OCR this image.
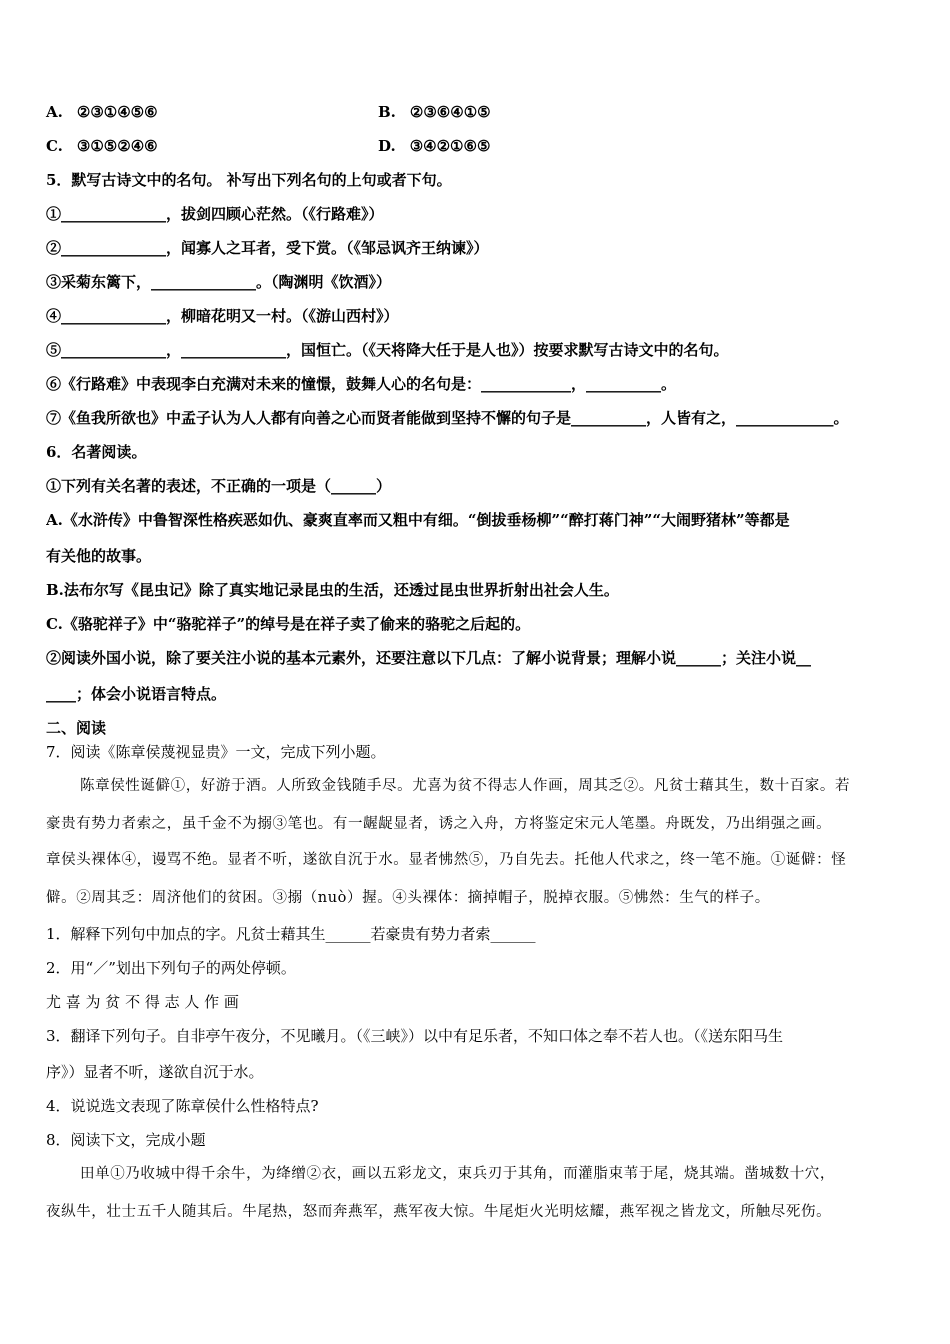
A. ②③①④⑤⑥	B. ②③⑥④①⑤
C. ③①⑤②④⑥	D. ③④②①⑥⑤
5．默写古诗文中的名句。 补写出下列名句的上句或者下句。
①______________，拔剑四顾心茫然。（《行路难》）
②______________，闻寡人之耳者，受下赏。（《邹忌讽齐王纳谏》）
③采菊东篱下，______________。（陶渊明《饮酒》）
④______________，柳暗花明又一村。（《游山西村》）
⑤______________，______________，国恒亡。（《天将降大任于是人也》）按要求默写古诗文中的名句。
⑥《行路难》中表现李白充满对未来的憧憬，鼓舞人心的名句是：____________，__________。
⑦《鱼我所欲也》中孟子认为人人都有向善之心而贤者能做到坚持不懈的句子是__________，人皆有之，_____________。
6．名著阅读。
①下列有关名著的表述，不正确的一项是（______）
A.《水浒传》中鲁智深性格疾恶如仇、豪爽直率而又粗中有细。“倒拔垂杨柳”“醉打蒋门神”“大闹野猪林”等都是
有关他的故事。
B.法布尔写《昆虫记》除了真实地记录昆虫的生活，还透过昆虫世界折射出社会人生。
C.《骆驼祥子》中“骆驼祥子”的绰号是在祥子卖了偷来的骆驼之后起的。
②阅读外国小说，除了要关注小说的基本元素外，还要注意以下几点：了解小说背景；理解小说______；关注小说__
____；体会小说语言特点。
二、阅读
7．阅读《陈章侯蔑视显贵》一文，完成下列小题。
陈章侯性诞僻①，好游于酒。人所致金钱随手尽。尤喜为贫不得志人作画，周其乏②。凡贫士藉其生，数十百家。若
豪贵有势力者索之，虽千金不为搦③笔也。有一龌龊显者，诱之入舟，方将鉴定宋元人笔墨。舟既发，乃出绢强之画。
章侯头裸体④，谩骂不绝。显者不听，遂欲自沉于水。显者怫然⑤，乃自先去。托他人代求之，终一笔不施。①诞僻：怪
僻。②周其乏：周济他们的贫困。③搦（nuò）握。④头裸体：摘掉帽子，脱掉衣服。⑤怫然：生气的样子。
1．解释下列句中加点的字。凡贫士藉其生______若豪贵有势力者索______
2．用“／”划出下列句子的两处停顿。
尤 喜 为 贫 不 得 志 人 作 画
3．翻译下列句子。自非亭午夜分，不见曦月。（《三峡》）以中有足乐者，不知口体之奉不若人也。（《送东阳马生
序》）显者不听，遂欲自沉于水。
4．说说选文表现了陈章侯什么性格特点?
8．阅读下文，完成小题
田单①乃收城中得千余牛，为绛缯②衣，画以五彩龙文，束兵刃于其角，而灌脂束苇于尾，烧其端。凿城数十穴，
夜纵牛，壮士五千人随其后。牛尾热，怒而奔燕军，燕军夜大惊。牛尾炬火光明炫耀，燕军视之皆龙文，所触尽死伤。
